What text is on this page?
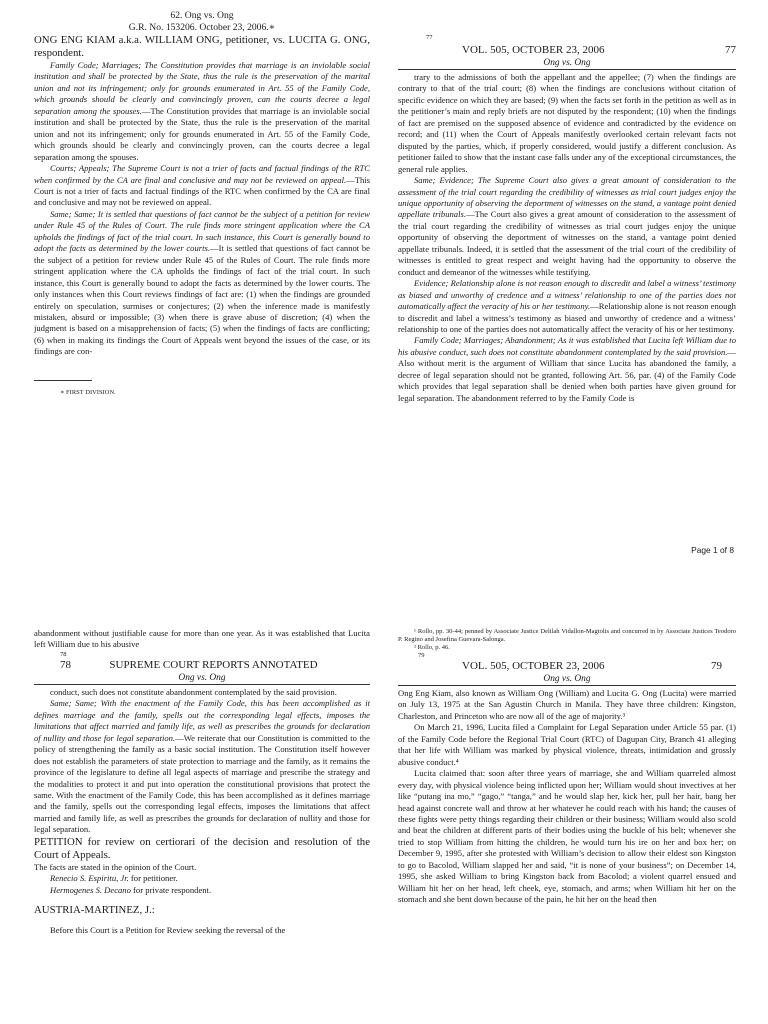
62. Ong vs. Ong
G.R. No. 153206. October 23, 2006.∗

ONG ENG KIAM a.k.a. WILLIAM ONG, petitioner, vs. LUCITA G. ONG, respondent.

Family Code; Marriages; The Constitution provides that marriage is an inviolable social institution and shall be protected by the State, thus the rule is the preservation of the marital union and not its infringement; only for grounds enumerated in Art. 55 of the Family Code, which grounds should be clearly and convincingly proven, can the courts decree a legal separation among the spouses.—The Constitution provides that marriage is an inviolable social institution and shall be protected by the State, thus the rule is the preservation of the marital union and not its infringement; only for grounds enumerated in Art. 55 of the Family Code, which grounds should be clearly and convincingly proven, can the courts decree a legal separation among the spouses.

Courts; Appeals; The Supreme Court is not a trier of facts and factual findings of the RTC when confirmed by the CA are final and conclusive and may not be reviewed on appeal.—This Court is not a trier of facts and factual findings of the RTC when confirmed by the CA are final and conclusive and may not be reviewed on appeal.

Same; Same; It is settled that questions of fact cannot be the subject of a petition for review under Rule 45 of the Rules of Court. The rule finds more stringent application where the CA upholds the findings of fact of the trial court. In such instance, this Court is generally bound to adopt the facts as determined by the lower courts.—It is settled that questions of fact cannot be the subject of a petition for review under Rule 45 of the Rules of Court. The rule finds more stringent application where the CA upholds the findings of fact of the trial court. In such instance, this Court is generally bound to adopt the facts as determined by the lower courts. The only instances when this Court reviews findings of fact are: (1) when the findings are grounded entirely on speculation, surmises or conjectures; (2) when the inference made is manifestly mistaken, absurd or impossible; (3) when there is grave abuse of discretion; (4) when the judgment is based on a misapprehension of facts; (5) when the findings of facts are conflicting; (6) when in making its findings the Court of Appeals went beyond the issues of the case, or its findings are con-

∗ FIRST DIVISION.
77
VOL. 505, OCTOBER 23, 2006	77
Ong vs. Ong

trary to the admissions of both the appellant and the appellee; (7) when the findings are contrary to that of the trial court; (8) when the findings are conclusions without citation of specific evidence on which they are based; (9) when the facts set forth in the petition as well as in the petitioner’s main and reply briefs are not disputed by the respondent; (10) when the findings of fact are premised on the supposed absence of evidence and contradicted by the evidence on record; and (11) when the Court of Appeals manifestly overlooked certain relevant facts not disputed by the parties, which, if properly considered, would justify a different conclusion. As petitioner failed to show that the instant case falls under any of the exceptional circumstances, the general rule applies.

Same; Evidence; The Supreme Court also gives a great amount of consideration to the assessment of the trial court regarding the credibility of witnesses as trial court judges enjoy the unique opportunity of observing the deportment of witnesses on the stand, a vantage point denied appellate tribunals.—The Court also gives a great amount of consideration to the assessment of the trial court regarding the credibility of witnesses as trial court judges enjoy the unique opportunity of observing the deportment of witnesses on the stand, a vantage point denied appellate tribunals. Indeed, it is settled that the assessment of the trial court of the credibility of witnesses is entitled to great respect and weight having had the opportunity to observe the conduct and demeanor of the witnesses while testifying.

Evidence; Relationship alone is not reason enough to discredit and label a witness’ testimony as biased and unworthy of credence and a witness’ relationship to one of the parties does not automatically affect the veracity of his or her testimony.—Relationship alone is not reason enough to discredit and label a witness’s testimony as biased and unworthy of credence and a witness’ relationship to one of the parties does not automatically affect the veracity of his or her testimony.

Family Code; Marriages; Abandonment; As it was established that Lucita left William due to his abusive conduct, such does not constitute abandonment contemplated by the said provision.—Also without merit is the argument of William that since Lucita has abandoned the family, a decree of legal separation should not be granted, following Art. 56, par. (4) of the Family Code which provides that legal separation shall be denied when both parties have given ground for legal separation. The abandonment referred to by the Family Code is

Page 1 of 8

abandonment without justifiable cause for more than one year. As it was established that Lucita left William due to his abusive

78
78	SUPREME COURT REPORTS ANNOTATED
Ong vs. Ong

conduct, such does not constitute abandonment contemplated by the said provision.

Same; Same; With the enactment of the Family Code, this has been accomplished as it defines marriage and the family, spells out the corresponding legal effects, imposes the limitations that affect married and family life, as well as prescribes the grounds for declaration of nullity and those for legal separation.—We reiterate that our Constitution is committed to the policy of strengthening the family as a basic social institution. The Constitution itself however does not establish the parameters of state protection to marriage and the family, as it remains the province of the legislature to define all legal aspects of marriage and prescribe the strategy and the modalities to protect it and put into operation the constitutional provisions that protect the same. With the enactment of the Family Code, this has been accomplished as it defines marriage and the family, spells out the corresponding legal effects, imposes the limitations that affect married and family life, as well as prescribes the grounds for declaration of nullity and those for legal separation.

PETITION for review on certiorari of the decision and resolution of the Court of Appeals.

The facts are stated in the opinion of the Court.

Renecio S. Espiritu, Jr. for petitioner.

Hermogenes S. Decano for private respondent.

AUSTRIA-MARTINEZ, J.:

Before this Court is a Petition for Review seeking the reversal of the

¹ Rollo, pp. 30-44; penned by Associate Justice Delilah Vidallon-Magtolis and concurred in by Associate Justices Teodoro P. Regino and Josefina Guevara-Salonga.
² Rollo, p. 46.
79
VOL. 505, OCTOBER 23, 2006	79
Ong vs. Ong

Ong Eng Kiam, also known as William Ong (William) and Lucita G. Ong (Lucita) were married on July 13, 1975 at the San Agustin Church in Manila. They have three children: Kingston, Charleston, and Princeton who are now all of the age of majority.³

On March 21, 1996, Lucita filed a Complaint for Legal Separation under Article 55 par. (1) of the Family Code before the Regional Trial Court (RTC) of Dagupan City, Branch 41 alleging that her life with William was marked by physical violence, threats, intimidation and grossly abusive conduct.⁴

Lucita claimed that: soon after three years of marriage, she and William quarreled almost every day, with physical violence being inflicted upon her; William would shout invectives at her like “putang ina mo,” “gago,” “tanga,” and he would slap her, kick her, pull her hair, bang her head against concrete wall and throw at her whatever he could reach with his hand; the causes of these fights were petty things regarding their children or their business; William would also scold and beat the children at different parts of their bodies using the buckle of his belt; whenever she tried to stop William from hitting the children, he would turn his ire on her and box her; on December 9, 1995, after she protested with William’s decision to allow their eldest son Kingston to go to Bacolod, William slapped her and said, “it is none of your business”; on December 14, 1995, she asked William to bring Kingston back from Bacolod; a violent quarrel ensued and William hit her on her head, left cheek, eye, stomach, and arms; when William hit her on the stomach and she bent down because of the pain, he hit her on the head then
